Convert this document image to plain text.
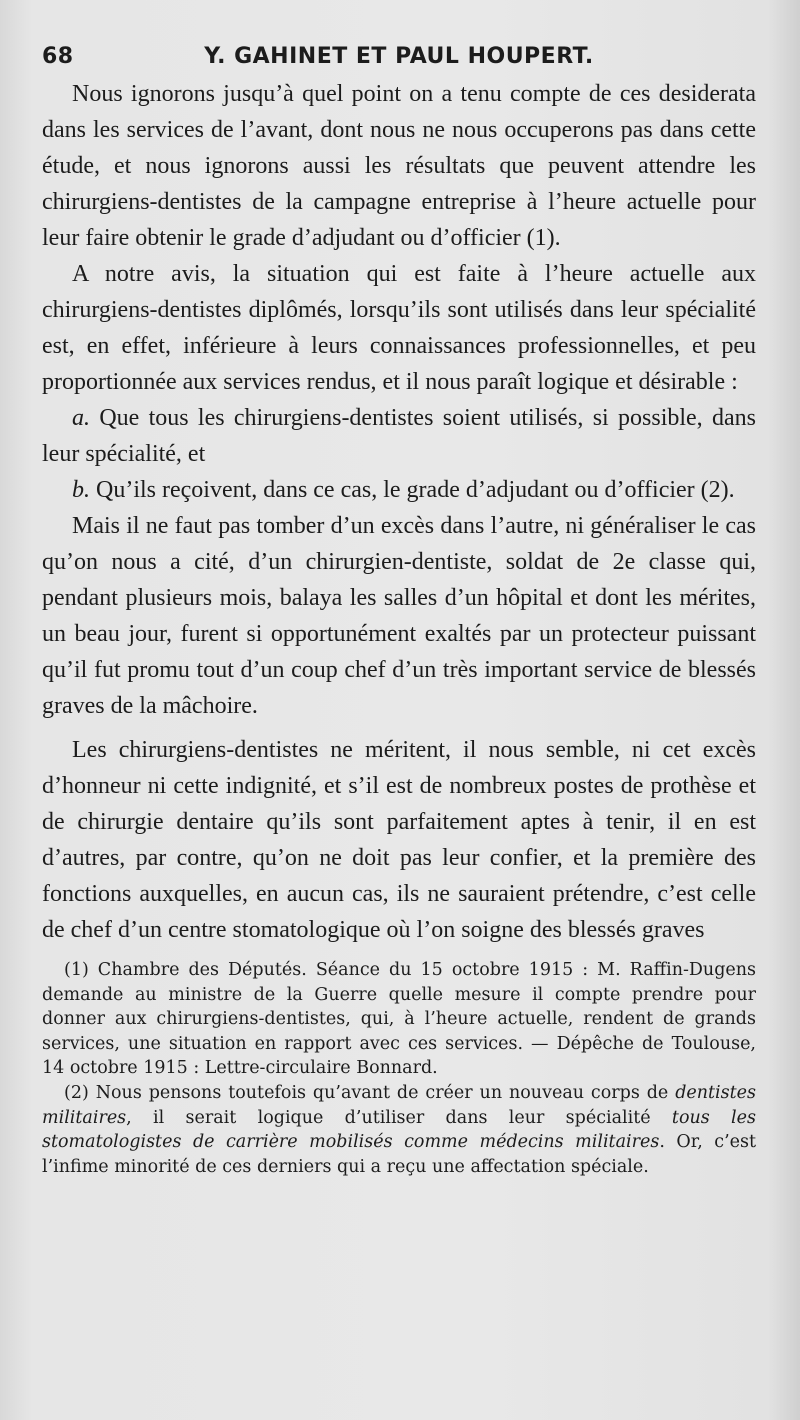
68	Y. GAHINET ET PAUL HOUPERT.

Nous ignorons jusqu’à quel point on a tenu compte de ces desiderata dans les services de l’avant, dont nous ne nous occuperons pas dans cette étude, et nous ignorons aussi les résultats que peuvent attendre les chirurgiens-dentistes de la campagne entreprise à l’heure actuelle pour leur faire obtenir le grade d’adjudant ou d’officier (1).

A notre avis, la situation qui est faite à l’heure actuelle aux chirurgiens-dentistes diplômés, lorsqu’ils sont utilisés dans leur spécialité est, en effet, inférieure à leurs connaissances professionnelles, et peu proportionnée aux services rendus, et il nous paraît logique et désirable :

a. Que tous les chirurgiens-dentistes soient utilisés, si possible, dans leur spécialité, et

b. Qu’ils reçoivent, dans ce cas, le grade d’adjudant ou d’officier (2).

Mais il ne faut pas tomber d’un excès dans l’autre, ni généraliser le cas qu’on nous a cité, d’un chirurgien-dentiste, soldat de 2e classe qui, pendant plusieurs mois, balaya les salles d’un hôpital et dont les mérites, un beau jour, furent si opportunément exaltés par un protecteur puissant qu’il fut promu tout d’un coup chef d’un très important service de blessés graves de la mâchoire.

Les chirurgiens-dentistes ne méritent, il nous semble, ni cet excès d’honneur ni cette indignité, et s’il est de nombreux postes de prothèse et de chirurgie dentaire qu’ils sont parfaitement aptes à tenir, il en est d’autres, par contre, qu’on ne doit pas leur confier, et la première des fonctions auxquelles, en aucun cas, ils ne sauraient prétendre, c’est celle de chef d’un centre stomatologique où l’on soigne des blessés graves

(1) Chambre des Députés. Séance du 15 octobre 1915 : M. Raffin-Dugens demande au ministre de la Guerre quelle mesure il compte prendre pour donner aux chirurgiens-dentistes, qui, à l’heure actuelle, rendent de grands services, une situation en rapport avec ces services. — Dépêche de Toulouse, 14 octobre 1915 : Lettre-circulaire Bonnard.

(2) Nous pensons toutefois qu’avant de créer un nouveau corps de dentistes militaires, il serait logique d’utiliser dans leur spécialité tous les stomatologistes de carrière mobilisés comme médecins militaires. Or, c’est l’infime minorité de ces derniers qui a reçu une affectation spéciale.
